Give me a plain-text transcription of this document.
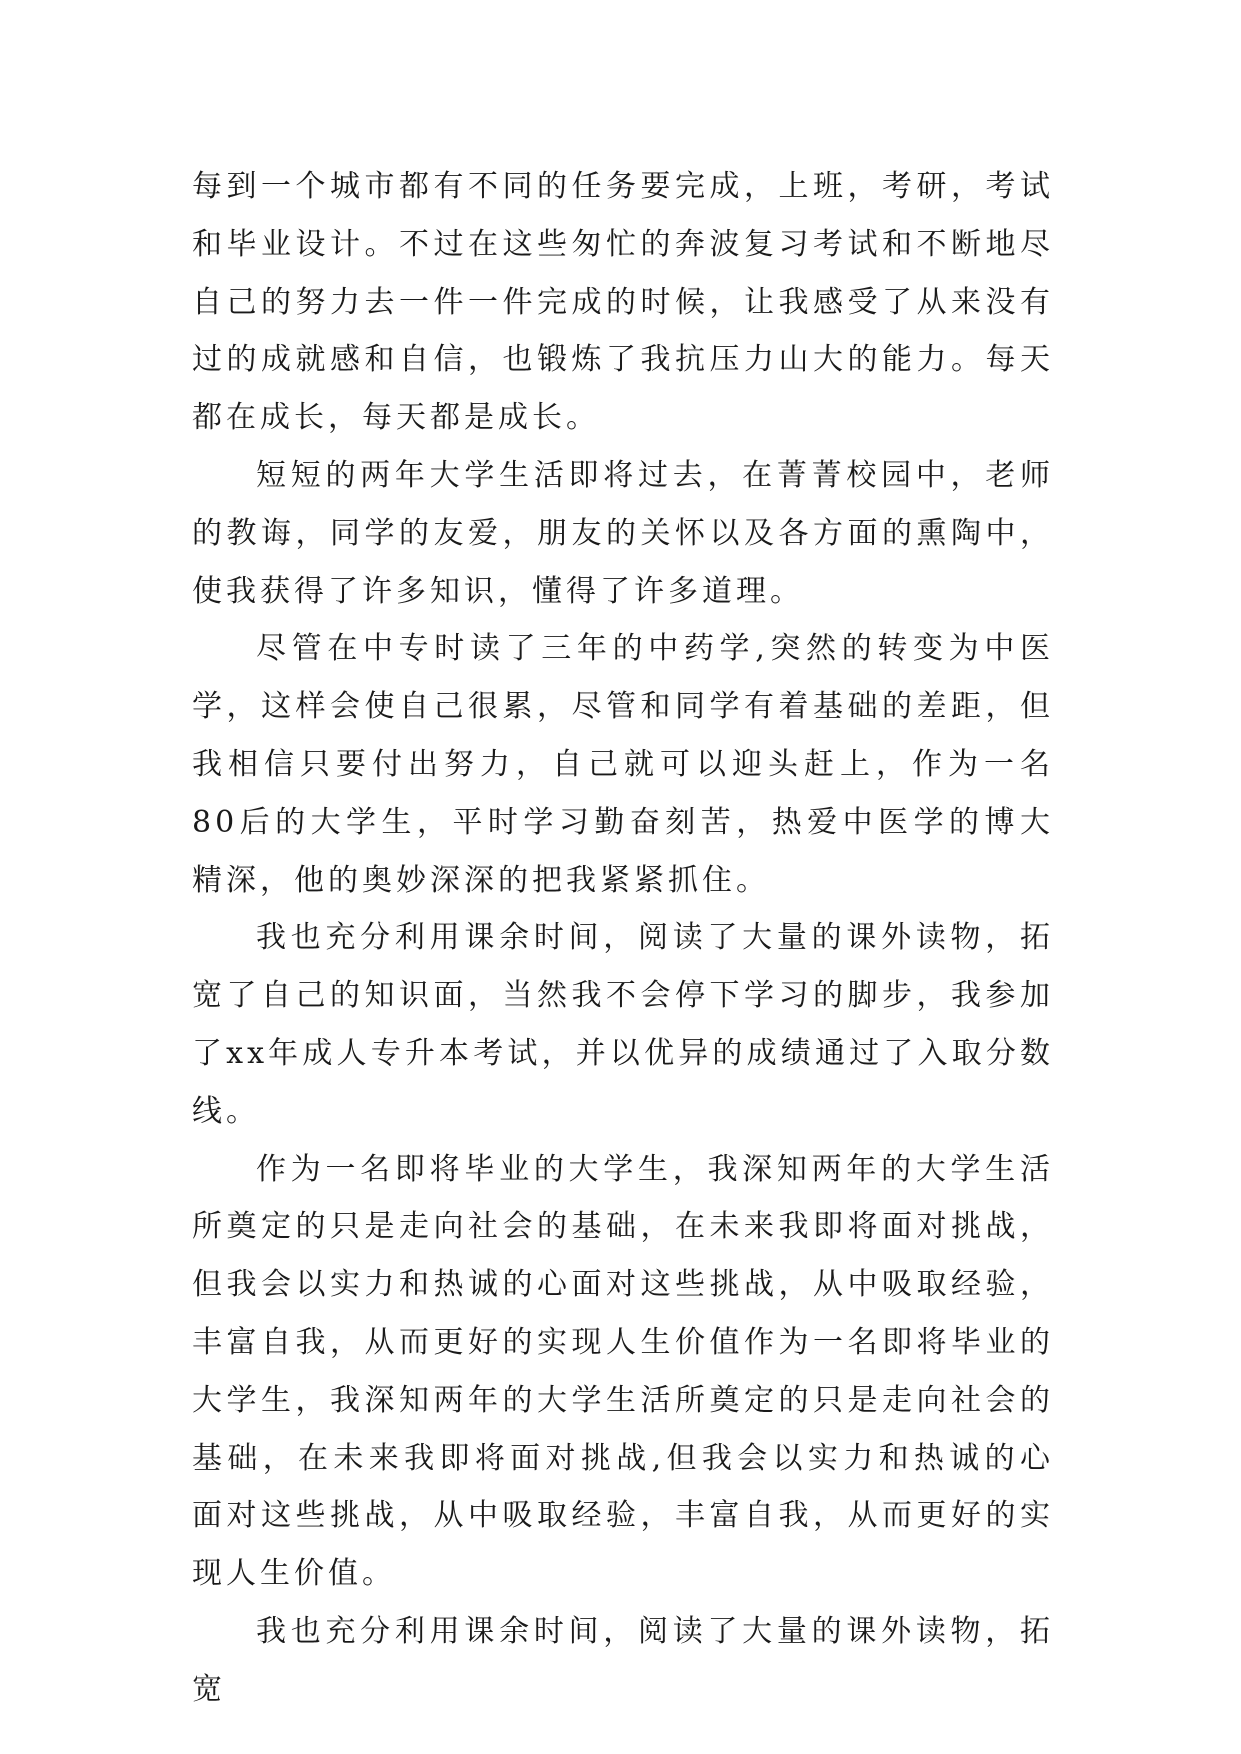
每到一个城市都有不同的任务要完成，上班，考研，考试和毕业设计。不过在这些匆忙的奔波复习考试和不断地尽自己的努力去一件一件完成的时候，让我感受了从来没有过的成就感和自信，也锻炼了我抗压力山大的能力。每天都在成长，每天都是成长。

短短的两年大学生活即将过去，在菁菁校园中，老师的教诲，同学的友爱，朋友的关怀以及各方面的熏陶中，使我获得了许多知识，懂得了许多道理。

尽管在中专时读了三年的中药学,突然的转变为中医学，这样会使自己很累，尽管和同学有着基础的差距，但我相信只要付出努力，自己就可以迎头赶上，作为一名80后的大学生，平时学习勤奋刻苦，热爱中医学的博大精深，他的奥妙深深的把我紧紧抓住。

我也充分利用课余时间，阅读了大量的课外读物，拓宽了自己的知识面，当然我不会停下学习的脚步，我参加了xx年成人专升本考试，并以优异的成绩通过了入取分数线。

作为一名即将毕业的大学生，我深知两年的大学生活所奠定的只是走向社会的基础，在未来我即将面对挑战，但我会以实力和热诚的心面对这些挑战，从中吸取经验，丰富自我，从而更好的实现人生价值作为一名即将毕业的大学生，我深知两年的大学生活所奠定的只是走向社会的基础，在未来我即将面对挑战,但我会以实力和热诚的心面对这些挑战，从中吸取经验，丰富自我，从而更好的实现人生价值。

我也充分利用课余时间，阅读了大量的课外读物，拓宽
